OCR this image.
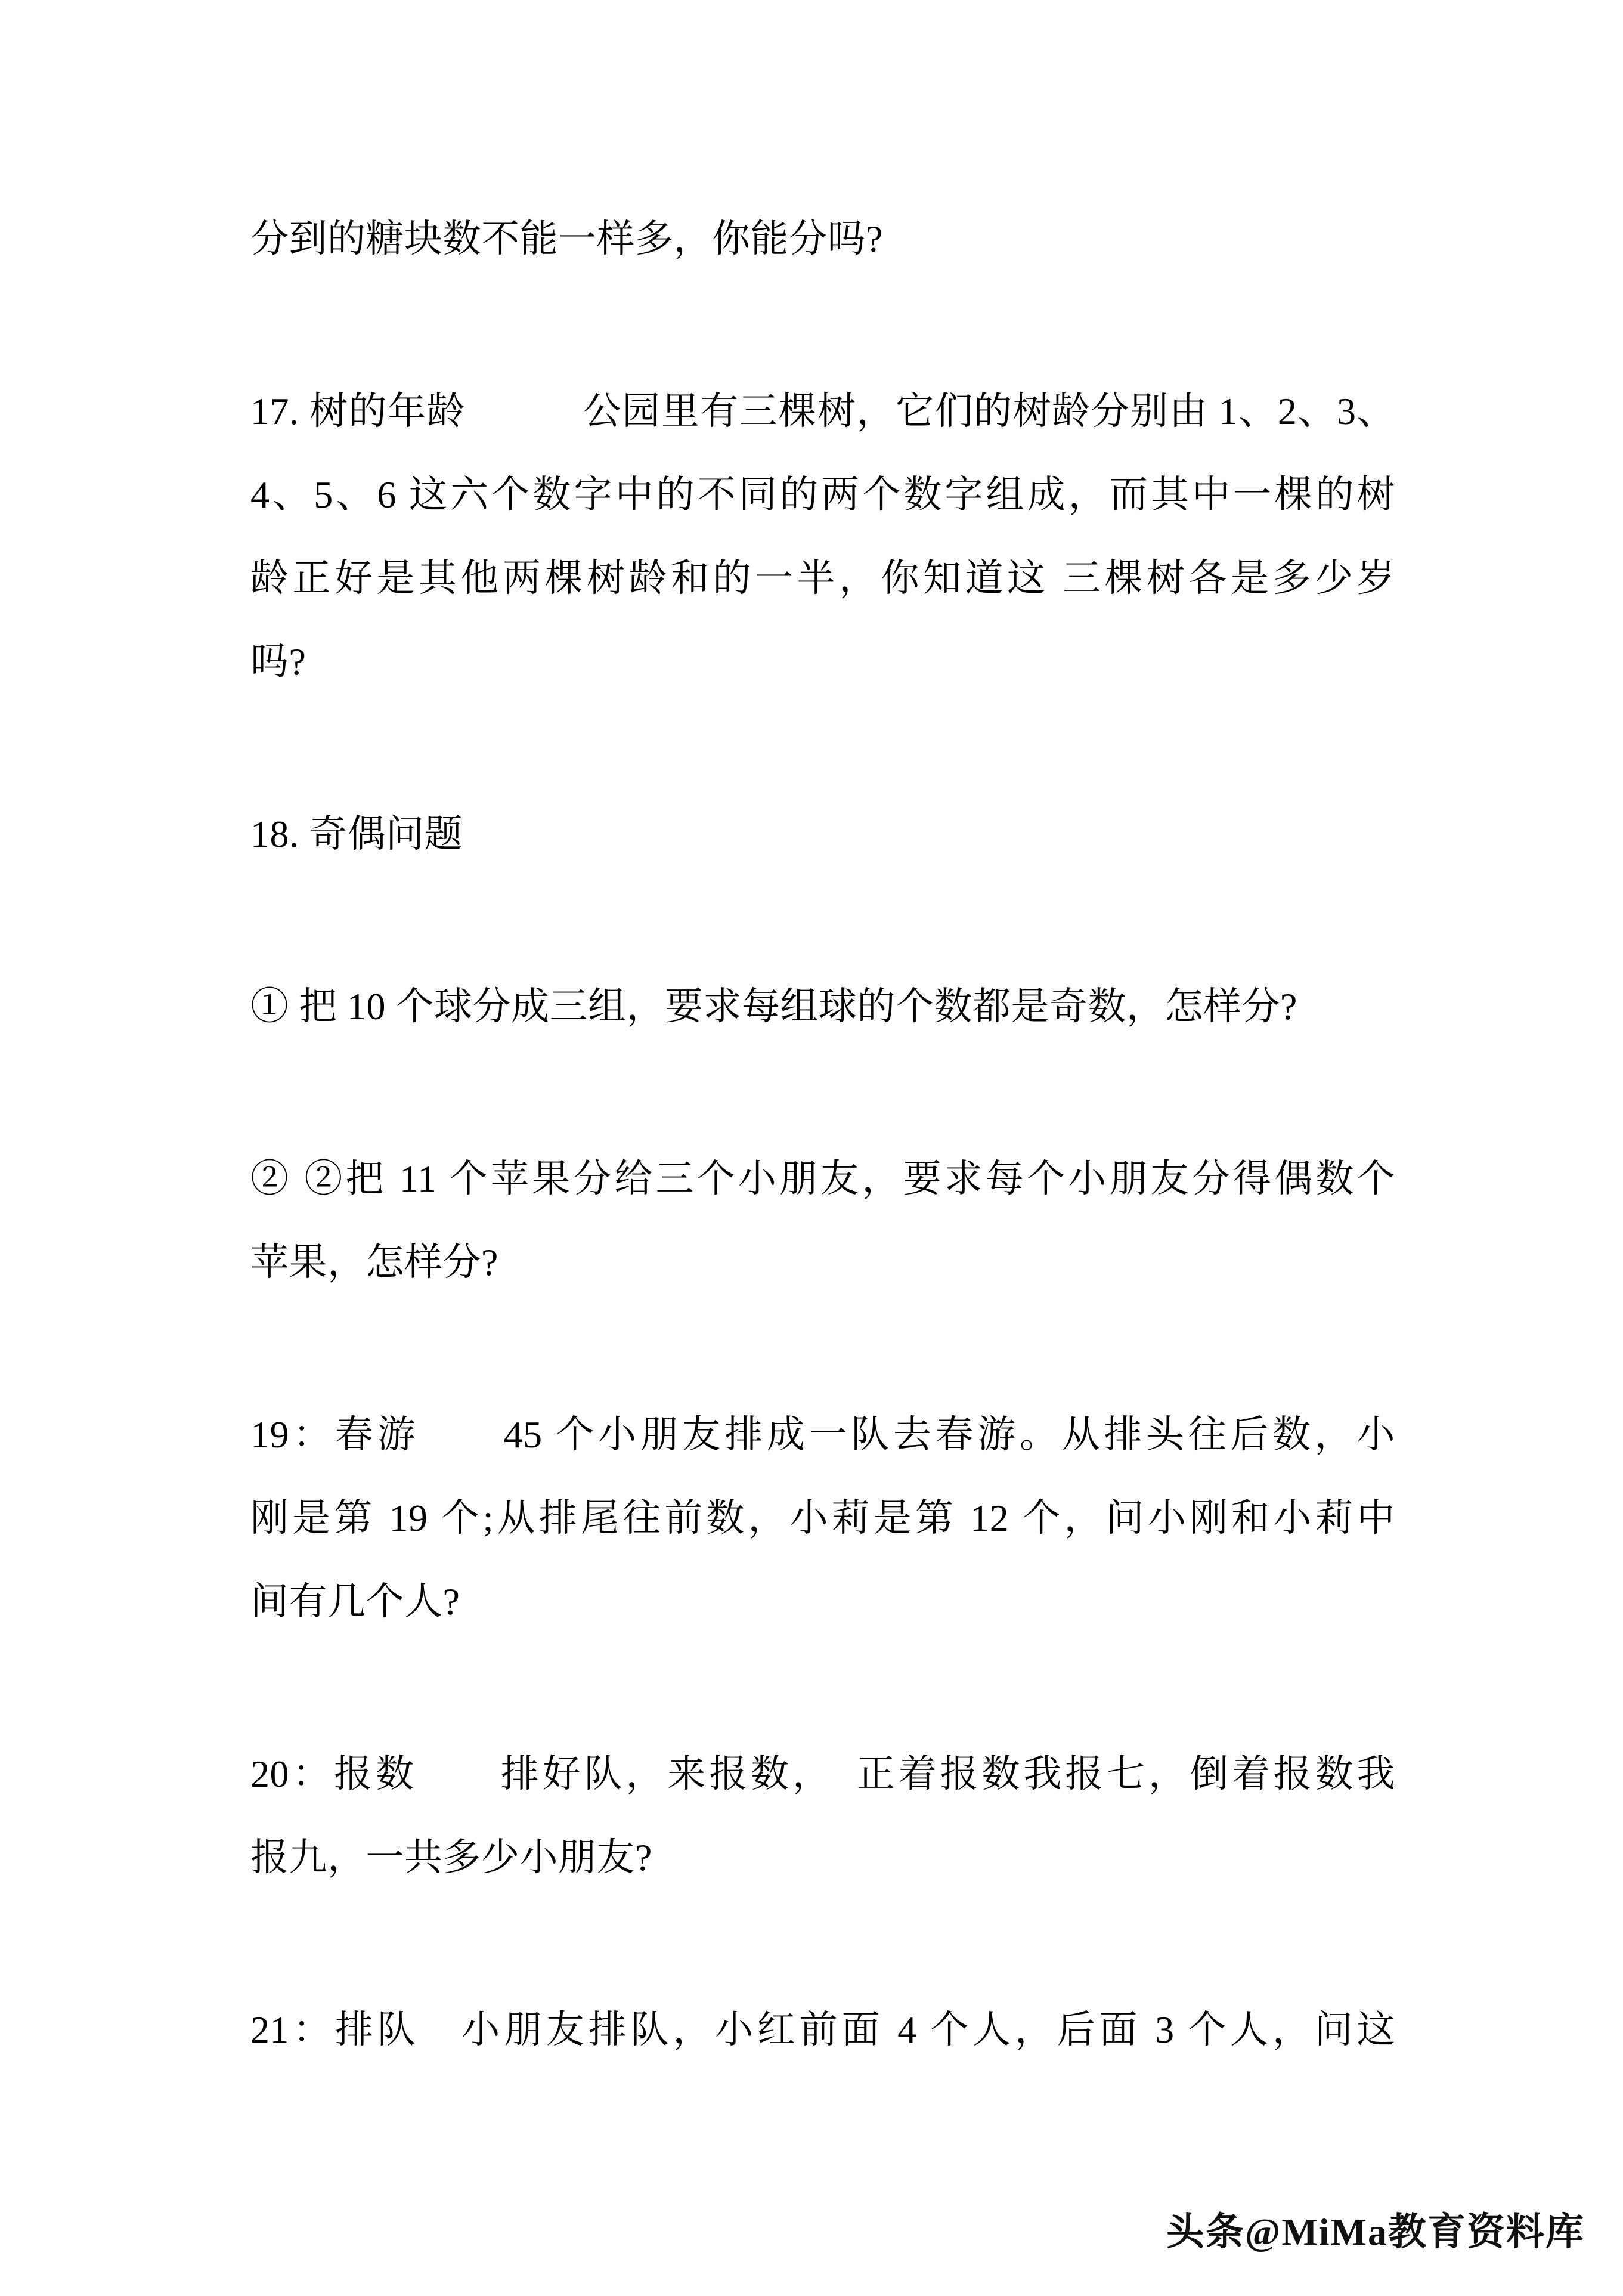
分到的糖块数不能一样多，你能分吗?
17. 树的年龄　　　公园里有三棵树，它们的树龄分别由 1、2、3、
4、5、6 这六个数字中的不同的两个数字组成，而其中一棵的树
龄正好是其他两棵树龄和的一半，你知道这 三棵树各是多少岁
吗?
18. 奇偶问题
① 把 10 个球分成三组，要求每组球的个数都是奇数，怎样分?
② ②把 11 个苹果分给三个小朋友，要求每个小朋友分得偶数个
苹果，怎样分?
19：春游　　45 个小朋友排成一队去春游。从排头往后数，小
刚是第 19 个;从排尾往前数，小莉是第 12 个，问小刚和小莉中
间有几个人?
20：报数　　排好队，来报数，　正着报数我报七，倒着报数我
报九，一共多少小朋友?
21：排队　小朋友排队，小红前面 4 个人，后面 3 个人，问这
头条@MiMa教育资料库
